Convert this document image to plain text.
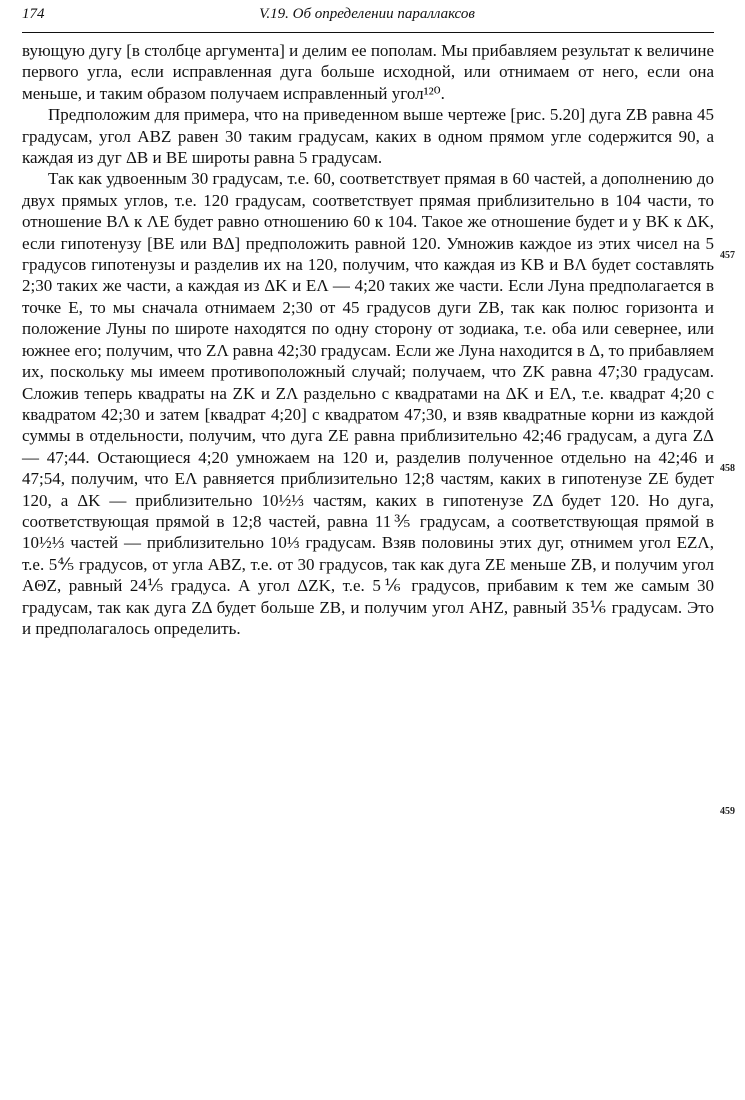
174	V.19. Об определении параллаксов

вующую дугу [в столбце аргумента] и делим ее пополам. Мы прибавляем результат к величине первого угла, если исправленная дуга больше исходной, или отнимаем от него, если она меньше, и таким образом получаем исправленный угол¹²⁰.

Предположим для примера, что на приведенном выше чертеже [рис. 5.20] дуга ZB равна 45 градусам, угол ABZ равен 30 таким градусам, каких в одном прямом угле содержится 90, а каждая из дуг ΔB и BE широты равна 5 градусам.

Так как удвоенным 30 градусам, т.е. 60, соответствует прямая в 60 частей, а дополнению до двух прямых углов, т.е. 120 градусам, соответствует прямая приблизительно в 104 части, то отношение BΛ к ΛE будет равно отношению 60 к 104. Такое же отношение будет и у BK к ΔK, если гипотенузу [BE или BΔ] предположить равной 120. Умножив каждое из этих чисел на 5 градусов гипотенузы и разделив их на 120, получим, что каждая из KB и BΛ будет составлять 2;30 таких же части, а каждая из ΔK и EΛ — 4;20 таких же части. Если Луна предполагается в точке E, то мы сначала отнимаем 2;30 от 45 градусов дуги ZB, так как полюс горизонта и положение Луны по широте находятся по одну сторону от зодиака, т.е. оба или севернее, или южнее его; получим, что ZΛ равна 42;30 градусам. Если же Луна находится в Δ, то прибавляем их, поскольку мы имеем противоположный случай; получаем, что ZK равна 47;30 градусам. Сложив теперь квадраты на ZK и ZΛ раздельно с квадратами на ΔK и EΛ, т.е. квадрат 4;20 с квадратом 42;30 и затем [квадрат 4;20] с квадратом 47;30, и взяв квадратные корни из каждой суммы в отдельности, получим, что дуга ZE равна приблизительно 42;46 градусам, а дуга ZΔ — 47;44. Остающиеся 4;20 умножаем на 120 и, разделив полученное отдельно на 42;46 и 47;54, получим, что EΛ равняется приблизительно 12;8 частям, каких в гипотенузе ZE будет 120, а ΔK — приблизительно 10½⅓ частям, каких в гипотенузе ZΔ будет 120. Но дуга, соответствующая прямой в 12;8 частей, равна 11⅗ градусам, а соответствующая прямой в 10½⅓ частей — приблизительно 10⅓ градусам. Взяв половины этих дуг, отнимем угол EZΛ, т.е. 5⅘ градусов, от угла ABZ, т.е. от 30 градусов, так как дуга ZE меньше ZB, и получим угол AΘZ, равный 24⅕ градуса. А угол ΔZK, т.е. 5⅙ градусов, прибавим к тем же самым 30 градусам, так как дуга ZΔ будет больше ZB, и получим угол AHZ, равный 35⅙ градусам. Это и предполагалось определить.

457
458
459
